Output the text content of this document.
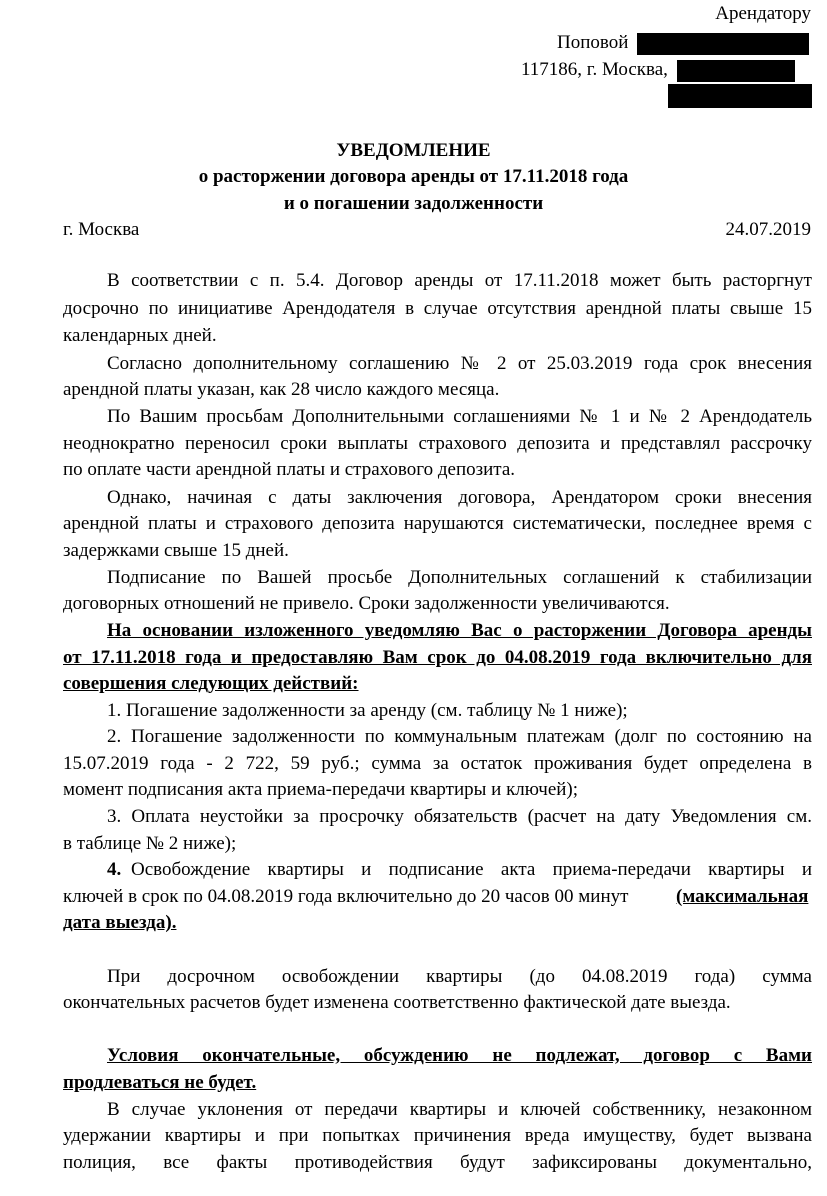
Арендатору
Поповой
117186, г. Москва,
УВЕДОМЛЕНИЕ
о расторжении договора аренды от 17.11.2018 года
и о погашении задолженности
г. Москва	24.07.2019
В соответствии с п. 5.4. Договор аренды от 17.11.2018 может быть расторгнут
досрочно по инициативе Арендодателя в случае отсутствия арендной платы свыше 15
календарных дней.
Согласно дополнительному соглашению № 2 от 25.03.2019 года срок внесения
арендной платы указан, как 28 число каждого месяца.
По Вашим просьбам Дополнительными соглашениями № 1 и № 2 Арендодатель
неоднократно переносил сроки выплаты страхового депозита и представлял рассрочку
по оплате части арендной платы и страхового депозита.
Однако, начиная с даты заключения договора, Арендатором сроки внесения
арендной платы и страхового депозита нарушаются систематически, последнее время с
задержками свыше 15 дней.
Подписание по Вашей просьбе Дополнительных соглашений к стабилизации
договорных отношений не привело. Сроки задолженности увеличиваются.
На основании изложенного уведомляю Вас о расторжении Договора аренды
от 17.11.2018 года и предоставляю Вам срок до 04.08.2019 года включительно для
совершения следующих действий:
1. Погашение задолженности за аренду (см. таблицу № 1 ниже);
2. Погашение задолженности по коммунальным платежам (долг по состоянию на
15.07.2019 года - 2 722, 59 руб.; сумма за остаток проживания будет определена в
момент подписания акта приема-передачи квартиры и ключей);
3. Оплата неустойки за просрочку обязательств (расчет на дату Уведомления см.
в таблице № 2 ниже);
4. Освобождение квартиры и подписание акта приема-передачи квартиры и
ключей в срок по 04.08.2019 года включительно до 20 часов 00 минут	(максимальная
дата выезда).
При досрочном освобождении квартиры (до 04.08.2019 года) сумма
окончательных расчетов будет изменена соответственно фактической дате выезда.
Условия окончательные, обсуждению не подлежат, договор с Вами
продлеваться не будет.
В случае уклонения от передачи квартиры и ключей собственнику, незаконном
удержании квартиры и при попытках причинения вреда имуществу, будет вызвана
полиция, все факты противодействия будут зафиксированы документально,
